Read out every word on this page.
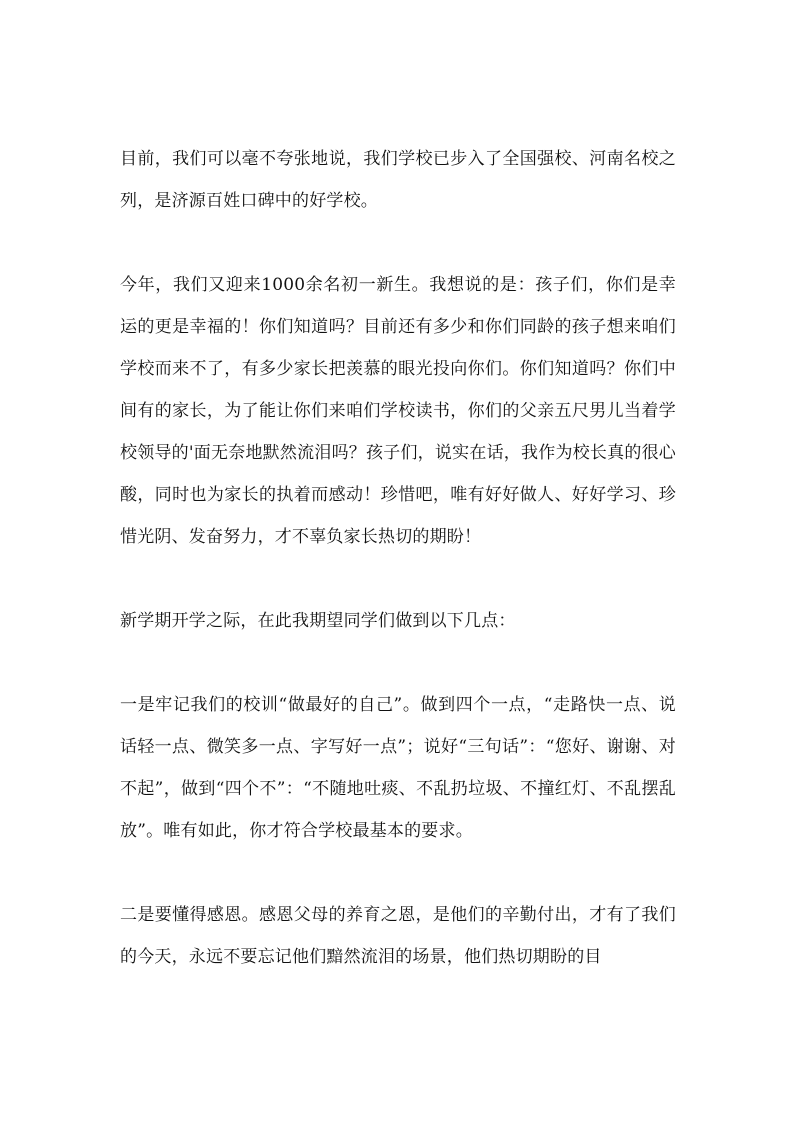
目前，我们可以毫不夸张地说，我们学校已步入了全国强校、河南名校之列，是济源百姓口碑中的好学校。

今年，我们又迎来1000余名初一新生。我想说的是：孩子们，你们是幸运的更是幸福的！你们知道吗？目前还有多少和你们同龄的孩子想来咱们学校而来不了，有多少家长把羡慕的眼光投向你们。你们知道吗？你们中间有的家长，为了能让你们来咱们学校读书，你们的父亲五尺男儿当着学校领导的'面无奈地默然流泪吗？孩子们，说实在话，我作为校长真的很心酸，同时也为家长的执着而感动！珍惜吧，唯有好好做人、好好学习、珍惜光阴、发奋努力，才不辜负家长热切的期盼！

新学期开学之际，在此我期望同学们做到以下几点：

一是牢记我们的校训“做最好的自己”。做到四个一点，“走路快一点、说话轻一点、微笑多一点、字写好一点”；说好“三句话”：“您好、谢谢、对不起”，做到“四个不”：“不随地吐痰、不乱扔垃圾、不撞红灯、不乱摆乱放”。唯有如此，你才符合学校最基本的要求。

二是要懂得感恩。感恩父母的养育之恩，是他们的辛勤付出，才有了我们的今天，永远不要忘记他们黯然流泪的场景，他们热切期盼的目
